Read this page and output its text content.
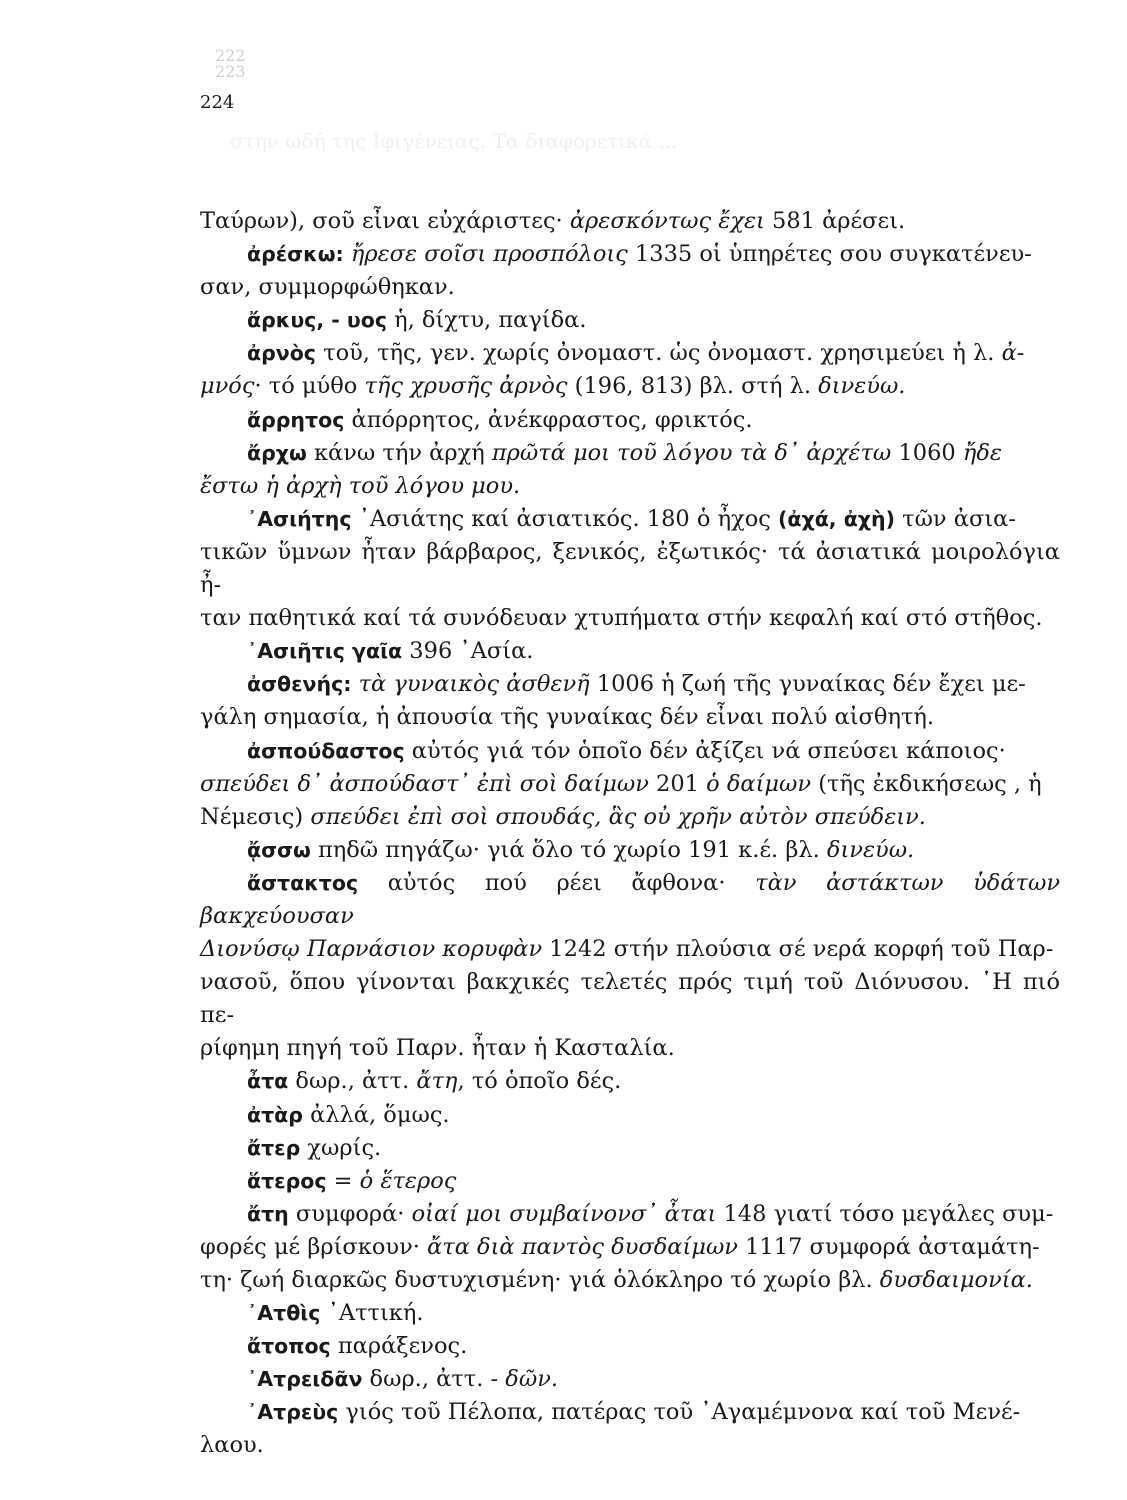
222
223
224
στην ωδή της Ιφιγένειας. Τα διαφορετικά ...

Ταύρων), σοῦ εἶναι εὐχάριστες· ἀρεσκόντως ἔχει 581 ἀρέσει.

ἀρέσκω: ἤρεσε σοῖσι προσπόλοις 1335 οἱ ὑπηρέτες σου συγκατένευ-

σαν, συμμορφώθηκαν.

ἄρκυς, - υος ἡ, δίχτυ, παγίδα.

ἀρνὸς τοῦ, τῆς, γεν. χωρίς ὀνομαστ. ὡς ὀνομαστ. χρησιμεύει ἡ λ. ἀ-

μνός· τό μύθο τῆς χρυσῆς ἀρνὸς (196, 813) βλ. στή λ. δινεύω.

ἄρρητος ἀπόρρητος, ἀνέκφραστος, φρικτός.

ἄρχω κάνω τήν ἀρχή πρῶτά μοι τοῦ λόγου τὰ δ᾽ ἀρχέτω 1060 ἤδε

ἔστω ἡ ἀρχὴ τοῦ λόγου μου.

᾽Ασιήτης ᾽Ασιάτης καί ἀσιατικός. 180 ὁ ἦχος (ἀχά, ἀχὴ) τῶν ἀσια-

τικῶν ὕμνων ἦταν βάρβαρος, ξενικός, ἐξωτικός· τά ἀσιατικά μοιρολόγια ἦ-

ταν παθητικά καί τά συνόδευαν χτυπήματα στήν κεφαλή καί στό στῆθος.

᾽Ασιῆτις γαῖα 396 ᾽Ασία.

ἀσθενής: τὰ γυναικὸς ἀσθενῆ 1006 ἡ ζωή τῆς γυναίκας δέν ἔχει με-

γάλη σημασία, ἡ ἀπουσία τῆς γυναίκας δέν εἶναι πολύ αἰσθητή.

ἀσπούδαστος αὐτός γιά τόν ὁποῖο δέν ἀξίζει νά σπεύσει κάποιος·

σπεύδει δ᾽ ἀσπούδαστ᾽ ἐπὶ σοὶ δαίμων 201 ὁ δαίμων (τῆς ἐκδικήσεως , ἡ

Νέμεσις) σπεύδει ἐπὶ σοὶ σπουδάς, ἃς οὐ χρῆν αὐτὸν σπεύδειν.

ᾄσσω πηδῶ πηγάζω· γιά ὅλο τό χωρίο 191 κ.έ. βλ. δινεύω.

ἄστακτος αὐτός πού ρέει ἄφθονα· τὰν ἀστάκτων ὑδάτων βακχεύουσαν

Διονύσῳ Παρνάσιον κορυφὰν 1242 στήν πλούσια σέ νερά κορφή τοῦ Παρ-

νασοῦ, ὅπου γίνονται βακχικές τελετές πρός τιμή τοῦ Διόνυσου. ῾Η πιό πε-

ρίφημη πηγή τοῦ Παρν. ἦταν ἡ Κασταλία.

ἆτα δωρ., ἀττ. ἄτη, τό ὁποῖο δές.

ἀτὰρ ἀλλά, ὅμως.

ἄτερ χωρίς.

ἅτερος = ὁ ἕτερος

ἄτη συμφορά· οἰαί μοι συμβαίνονσ᾽ ἆται 148 γιατί τόσο μεγάλες συμ-

φορές μέ βρίσκουν· ἄτα διὰ παντὸς δυσδαίμων 1117 συμφορά ἀσταμάτη-

τη· ζωή διαρκῶς δυστυχισμένη· γιά ὁλόκληρο τό χωρίο βλ. δυσδαιμονία.

᾽Ατθὶς ᾽Αττική.

ἄτοπος παράξενος.

᾽Ατρειδᾶν δωρ., ἀττ. - δῶν.

᾽Ατρεὺς γιός τοῦ Πέλοπα, πατέρας τοῦ ᾽Αγαμέμνονα καί τοῦ Μενέ-

λαου.
